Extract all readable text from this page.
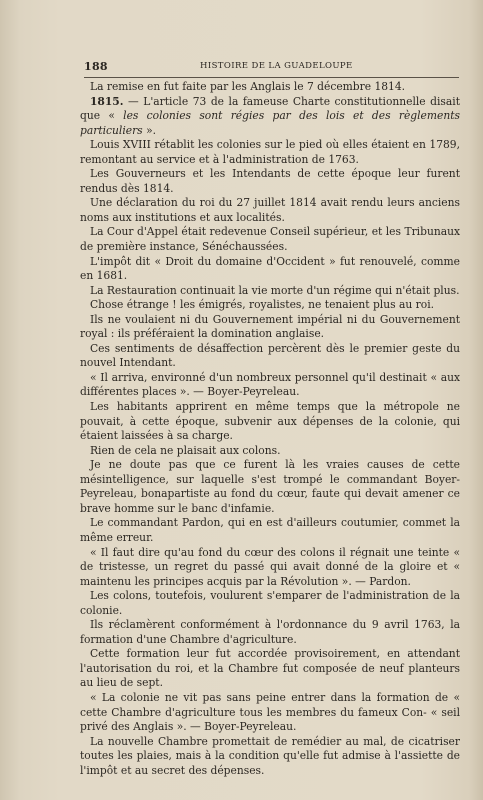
188	HISTOIRE DE LA GUADELOUPE

La remise en fut faite par les Anglais le 7 décembre 1814.

1815. — L'article 73 de la fameuse Charte constitutionnelle disait que « les colonies sont régies par des lois et des règlements particuliers ».

Louis XVIII rétablit les colonies sur le pied où elles étaient en 1789, remontant au service et à l'administration de 1763.

Les Gouverneurs et les Intendants de cette époque leur furent rendus dès 1814.

Une déclaration du roi du 27 juillet 1814 avait rendu leurs anciens noms aux institutions et aux localités.

La Cour d'Appel était redevenue Conseil supérieur, et les Tribunaux de première instance, Sénéchaussées.

L'impôt dit « Droit du domaine d'Occident » fut renouvelé, comme en 1681.

La Restauration continuait la vie morte d'un régime qui n'était plus.

Chose étrange ! les émigrés, royalistes, ne tenaient plus au roi.

Ils ne voulaient ni du Gouvernement impérial ni du Gouvernement royal : ils préféraient la domination anglaise.

Ces sentiments de désaffection percèrent dès le premier geste du nouvel Intendant.

« Il arriva, environné d'un nombreux personnel qu'il destinait « aux différentes places ». — Boyer-Peyreleau.

Les habitants apprirent en même temps que la métropole ne pouvait, à cette époque, subvenir aux dépenses de la colonie, qui étaient laissées à sa charge.

Rien de cela ne plaisait aux colons.

Je ne doute pas que ce furent là les vraies causes de cette mésintelligence, sur laquelle s'est trompé le commandant Boyer-Peyreleau, bonapartiste au fond du cœur, faute qui devait amener ce brave homme sur le banc d'infamie.

Le commandant Pardon, qui en est d'ailleurs coutumier, commet la même erreur.

« Il faut dire qu'au fond du cœur des colons il régnait une teinte « de tristesse, un regret du passé qui avait donné de la gloire et « maintenu les principes acquis par la Révolution ». — Pardon.

Les colons, toutefois, voulurent s'emparer de l'administration de la colonie.

Ils réclamèrent conformément à l'ordonnance du 9 avril 1763, la formation d'une Chambre d'agriculture.

Cette formation leur fut accordée provisoirement, en attendant l'autorisation du roi, et la Chambre fut composée de neuf planteurs au lieu de sept.

« La colonie ne vit pas sans peine entrer dans la formation de « cette Chambre d'agriculture tous les membres du fameux Con- « seil privé des Anglais ». — Boyer-Peyreleau.

La nouvelle Chambre promettait de remédier au mal, de cicatriser toutes les plaies, mais à la condition qu'elle fut admise à l'assiette de l'impôt et au secret des dépenses.
